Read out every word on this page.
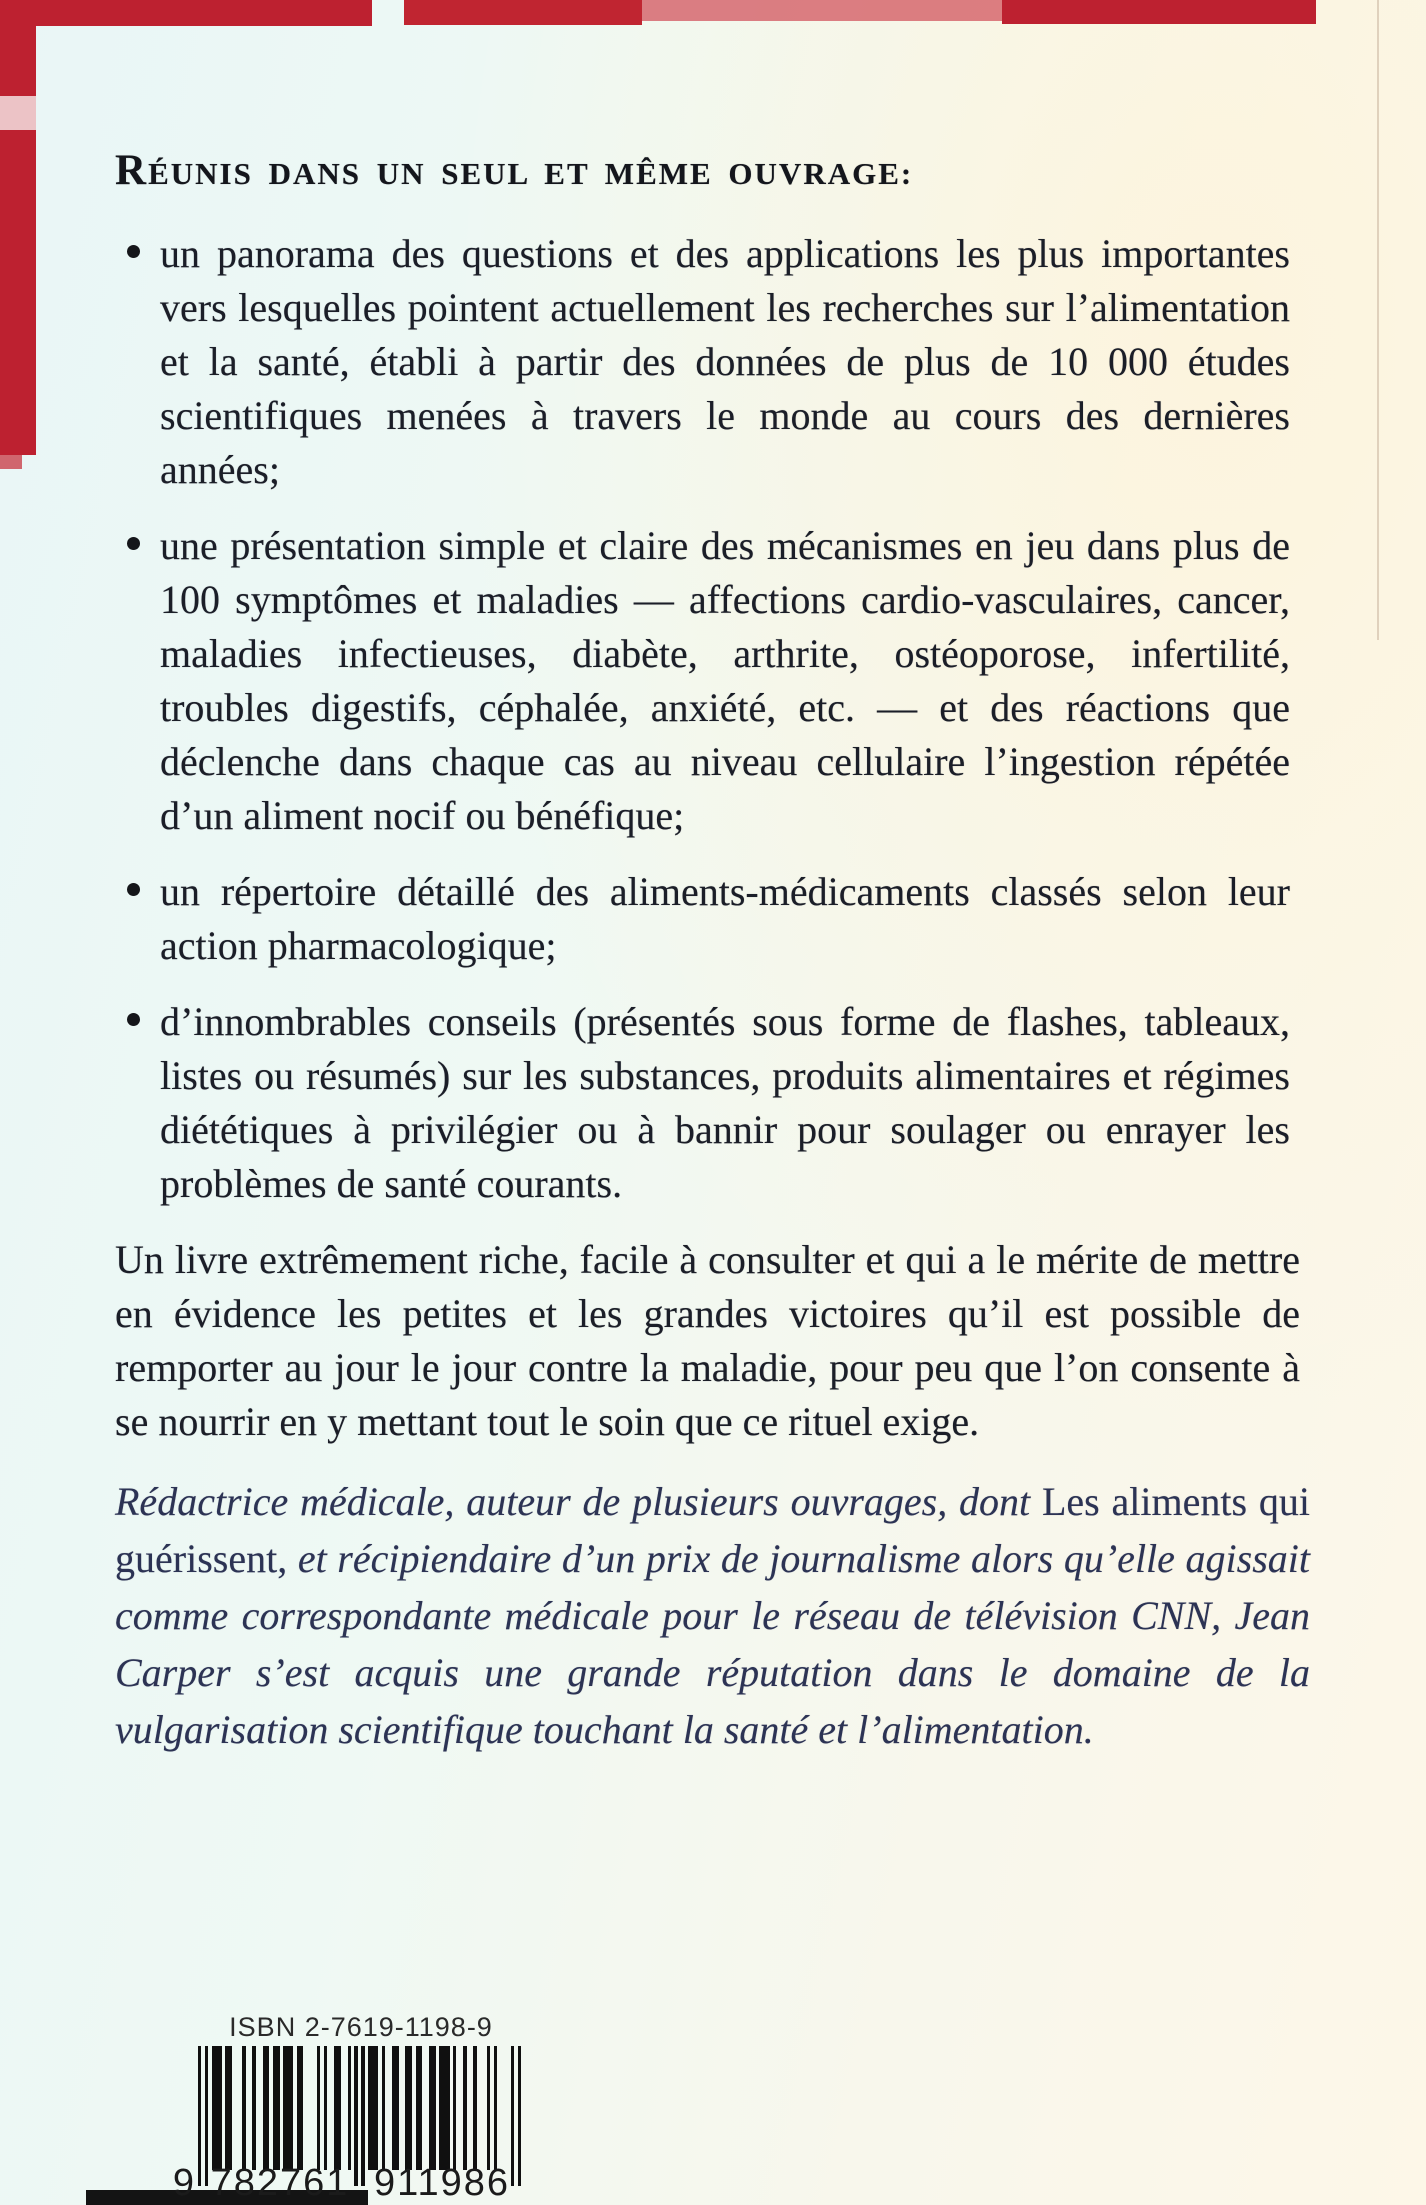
RÉUNIS DANS UN SEUL ET MÊME OUVRAGE:
un panorama des questions et des applications les plus importantes vers lesquelles pointent actuellement les recherches sur l’alimentation et la santé, établi à partir des données de plus de 10 000 études scientifiques menées à travers le monde au cours des dernières années;
une présentation simple et claire des mécanismes en jeu dans plus de 100 symptômes et maladies — affections cardio-vasculaires, cancer, maladies infectieuses, diabète, arthrite, ostéoporose, infertilité, troubles digestifs, céphalée, anxiété, etc. — et des réactions que déclenche dans chaque cas au niveau cellulaire l’ingestion répétée d’un aliment nocif ou bénéfique;
un répertoire détaillé des aliments-médicaments classés selon leur action pharmacologique;
d’innombrables conseils (présentés sous forme de flashes, tableaux, listes ou résumés) sur les substances, produits alimentaires et régimes diététiques à privilégier ou à bannir pour soulager ou enrayer les problèmes de santé courants.

Un livre extrêmement riche, facile à consulter et qui a le mérite de mettre en évidence les petites et les grandes victoires qu’il est possible de remporter au jour le jour contre la maladie, pour peu que l’on consente à se nourrir en y mettant tout le soin que ce rituel exige.

Rédactrice médicale, auteur de plusieurs ouvrages, dont Les aliments qui guérissent, et récipiendaire d’un prix de journalisme alors qu’elle agissait comme correspondante médicale pour le réseau de télévision CNN, Jean Carper s’est acquis une grande réputation dans le domaine de la vulgarisation scientifique touchant la santé et l’alimentation.

ISBN 2-7619-1198-9
9 782761 911986
